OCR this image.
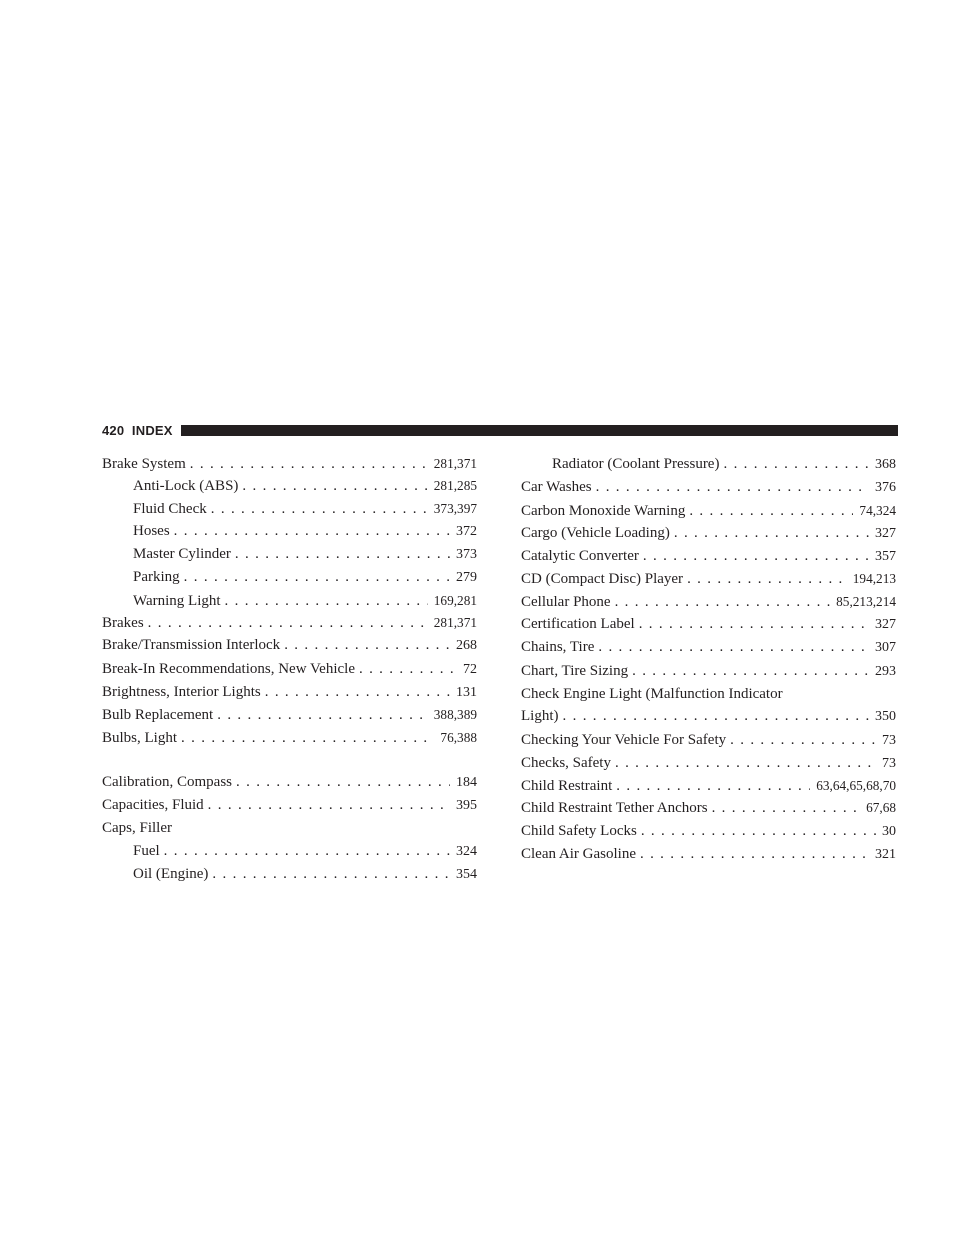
420 INDEX
Brake System . . .	281,371
Anti-Lock (ABS) . . .	281,285
Fluid Check . . .	373,397
Hoses . . .	372
Master Cylinder . . .	373
Parking . . .	279
Warning Light . . .	169,281
Brakes . . .	281,371
Brake/Transmission Interlock . . .	268
Break-In Recommendations, New Vehicle . . .	72
Brightness, Interior Lights . . .	131
Bulb Replacement . . .	388,389
Bulbs, Light . . .	76,388
Calibration, Compass . . .	184
Capacities, Fluid . . .	395
Caps, Filler
Fuel . . .	324
Oil (Engine) . . .	354
Radiator (Coolant Pressure) . . .	368
Car Washes . . .	376
Carbon Monoxide Warning . . .	74,324
Cargo (Vehicle Loading) . . .	327
Catalytic Converter . . .	357
CD (Compact Disc) Player . . .	194,213
Cellular Phone . . .	85,213,214
Certification Label . . .	327
Chains, Tire . . .	307
Chart, Tire Sizing . . .	293
Check Engine Light (Malfunction Indicator
Light) . . .	350
Checking Your Vehicle For Safety . . .	73
Checks, Safety . . .	73
Child Restraint . . .	63,64,65,68,70
Child Restraint Tether Anchors . . .	67,68
Child Safety Locks . . .	30
Clean Air Gasoline . . .	321
